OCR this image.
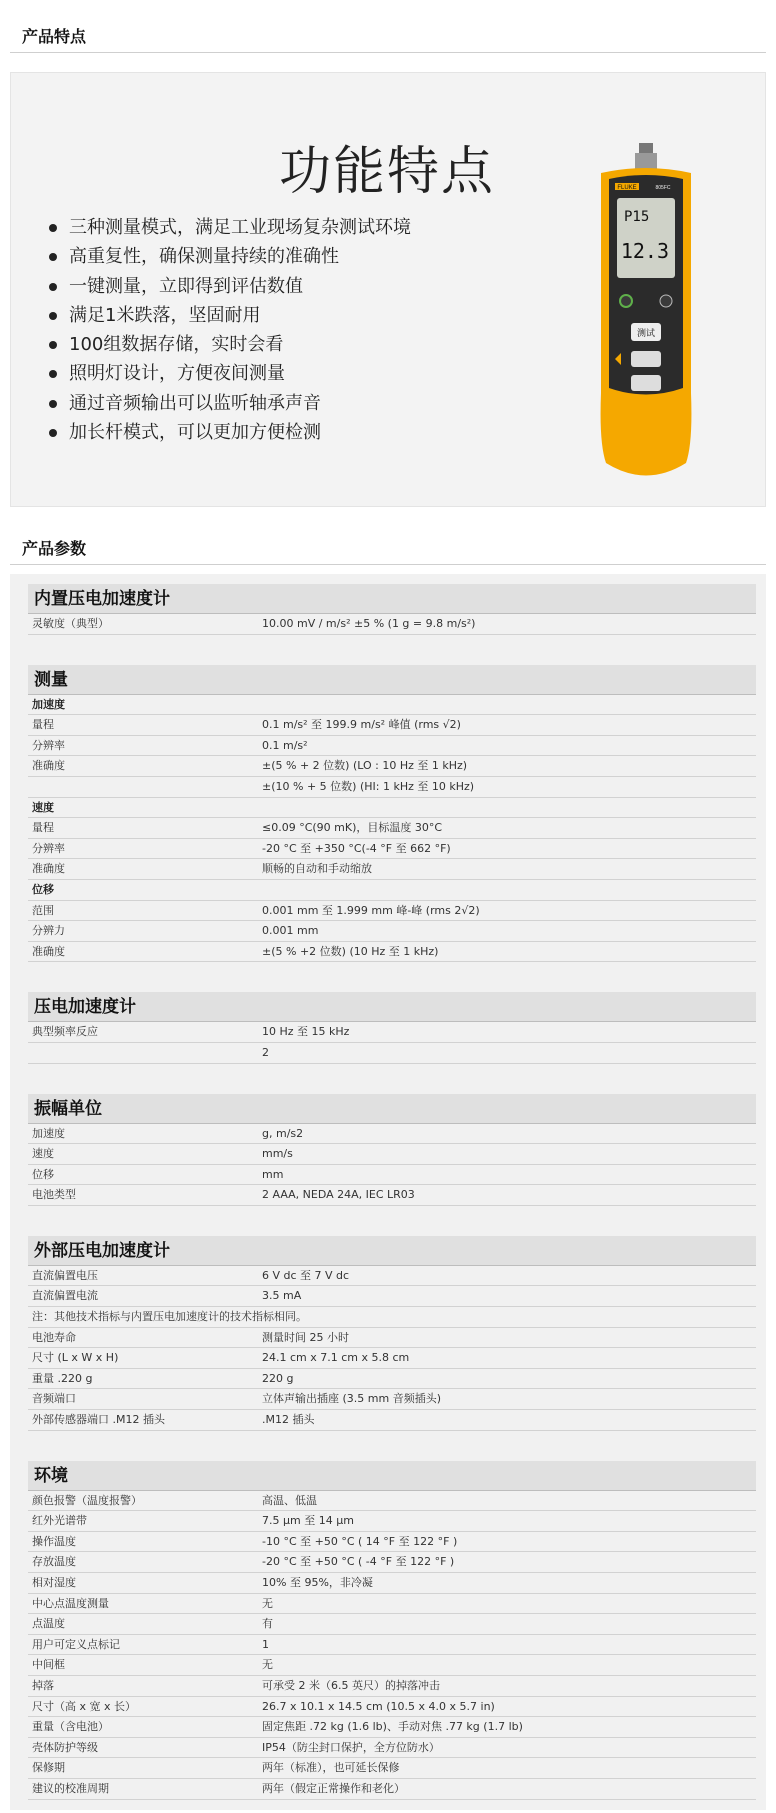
产品特点
功能特点
三种测量模式，满足工业现场复杂测试环境
高重复性，确保测量持续的准确性
一键测量，立即得到评估数值
满足1米跌落，坚固耐用
100组数据存储，实时会看
照明灯设计，方便夜间测量
通过音频输出可以监听轴承声音
加长杆模式，可以更加方便检测
FLUKE	805FC
P15
12.3
测试
产品参数
内置压电加速度计
灵敏度（典型）	10.00 mV / m/s² ±5 % (1 g = 9.8 m/s²)
测量
加速度
量程	0.1 m/s² 至 199.9 m/s² 峰值 (rms √2)
分辨率	0.1 m/s²
准确度	±(5 % + 2 位数) (LO : 10 Hz 至 1 kHz)
±(10 % + 5 位数) (HI: 1 kHz 至 10 kHz)
速度
量程	≤0.09 °C(90 mK)，目标温度 30°C
分辨率	-20 °C 至 +350 °C(-4 °F 至 662 °F)
准确度	顺畅的自动和手动缩放
位移
范围	0.001 mm 至 1.999 mm 峰-峰 (rms 2√2)
分辨力	0.001 mm
准确度	±(5 % +2 位数) (10 Hz 至 1 kHz)
压电加速度计
典型频率反应	10 Hz 至 15 kHz
2
振幅单位
加速度	g, m/s2
速度	mm/s
位移	mm
电池类型	2 AAA, NEDA 24A, IEC LR03
外部压电加速度计
直流偏置电压	6 V dc 至 7 V dc
直流偏置电流	3.5 mA
注：其他技术指标与内置压电加速度计的技术指标相同。
电池寿命	测量时间 25 小时
尺寸 (L x W x H)	24.1 cm x 7.1 cm x 5.8 cm
重量 .220 g	220 g
音频端口	立体声输出插座 (3.5 mm 音频插头)
外部传感器端口 .M12 插头	.M12 插头
环境
颜色报警（温度报警）	高温、低温
红外光谱带	7.5 µm 至 14 µm
操作温度	-10 °C 至 +50 °C ( 14 °F 至 122 °F )
存放温度	-20 °C 至 +50 °C ( -4 °F 至 122 °F )
相对湿度	10% 至 95%，非冷凝
中心点温度测量	无
点温度	有
用户可定义点标记	1
中间框	无
掉落	可承受 2 米（6.5 英尺）的掉落冲击
尺寸（高 x 宽 x 长）	26.7 x 10.1 x 14.5 cm (10.5 x 4.0 x 5.7 in)
重量（含电池）	固定焦距 .72 kg (1.6 lb)、手动对焦 .77 kg (1.7 lb)
壳体防护等级	IP54（防尘封口保护，全方位防水）
保修期	两年（标准），也可延长保修
建议的校准周期	两年（假定正常操作和老化）
